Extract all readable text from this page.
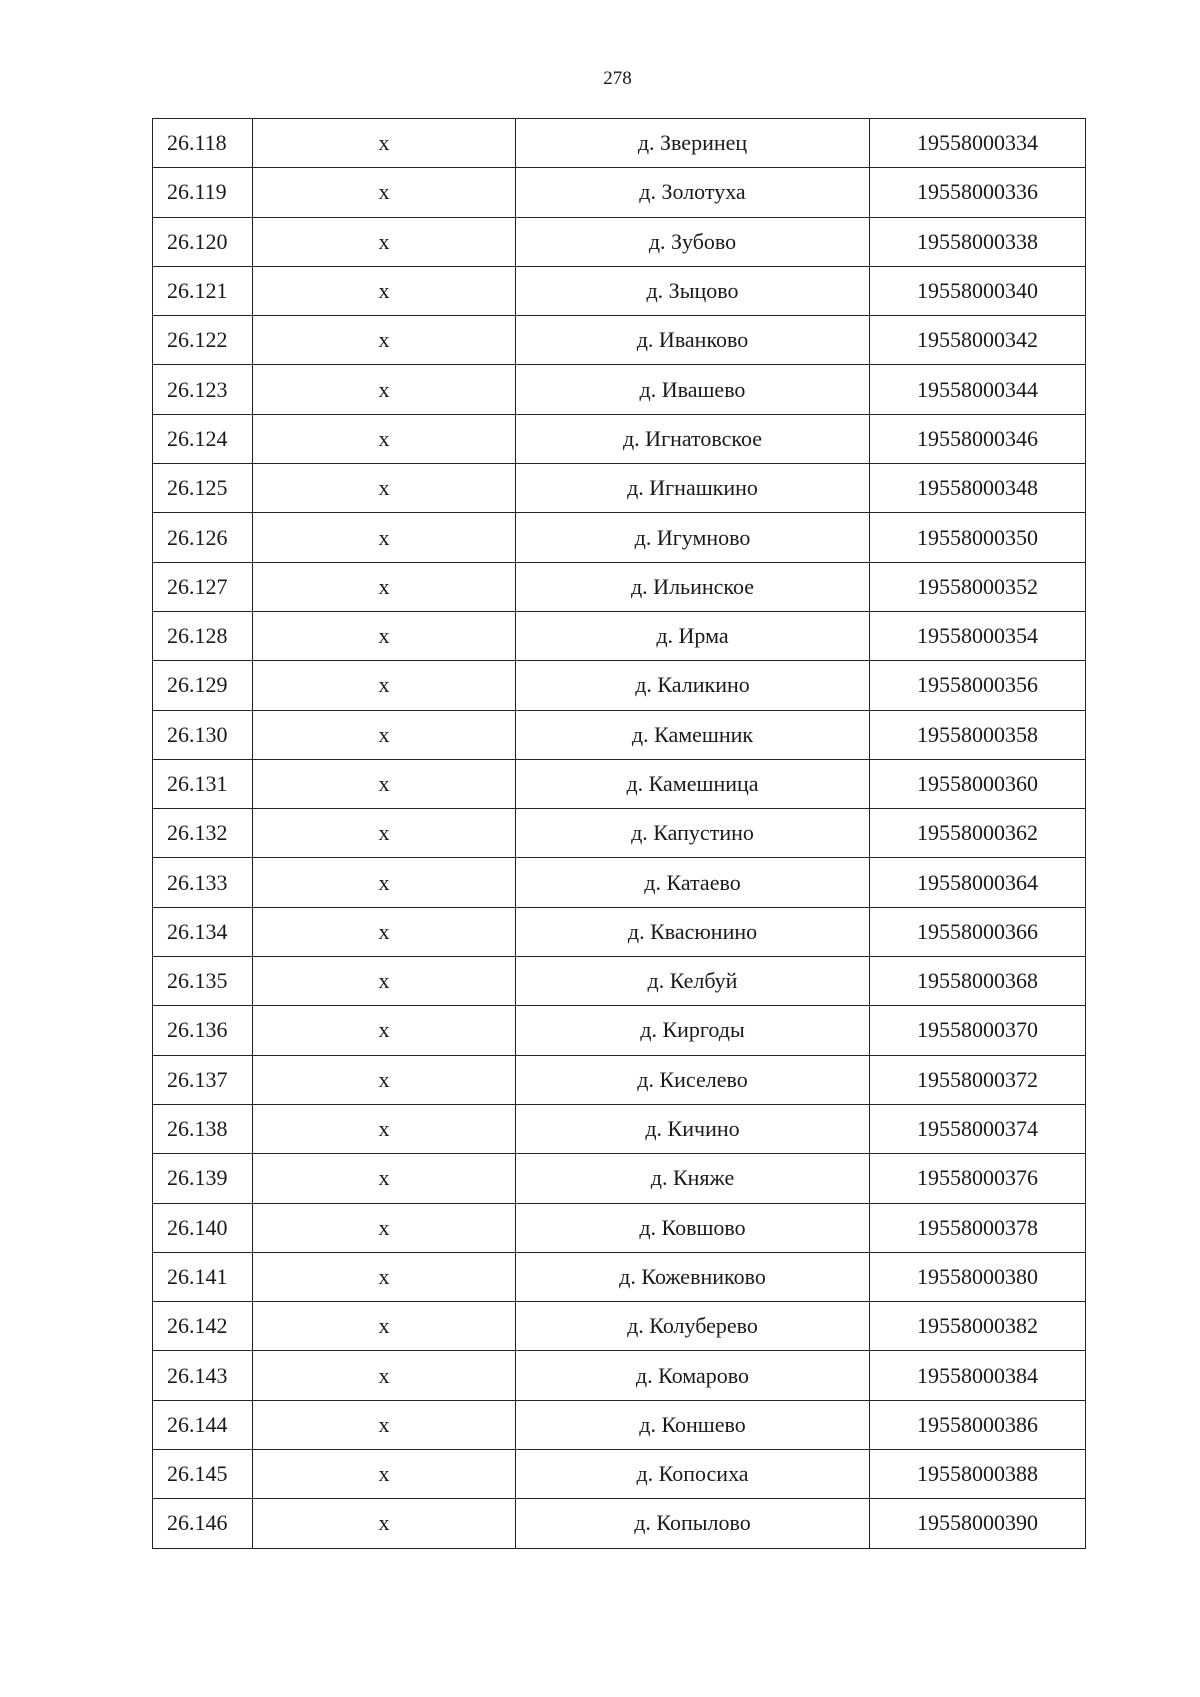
278
26.118	x	д. Зверинец	19558000334
26.119	x	д. Золотуха	19558000336
26.120	x	д. Зубово	19558000338
26.121	x	д. Зыцово	19558000340
26.122	x	д. Иванково	19558000342
26.123	x	д. Ивашево	19558000344
26.124	x	д. Игнатовское	19558000346
26.125	x	д. Игнашкино	19558000348
26.126	x	д. Игумново	19558000350
26.127	x	д. Ильинское	19558000352
26.128	x	д. Ирма	19558000354
26.129	x	д. Каликино	19558000356
26.130	x	д. Камешник	19558000358
26.131	x	д. Камешница	19558000360
26.132	x	д. Капустино	19558000362
26.133	x	д. Катаево	19558000364
26.134	x	д. Квасюнино	19558000366
26.135	x	д. Келбуй	19558000368
26.136	x	д. Киргоды	19558000370
26.137	x	д. Киселево	19558000372
26.138	x	д. Кичино	19558000374
26.139	x	д. Княже	19558000376
26.140	x	д. Ковшово	19558000378
26.141	x	д. Кожевниково	19558000380
26.142	x	д. Колуберево	19558000382
26.143	x	д. Комарово	19558000384
26.144	x	д. Коншево	19558000386
26.145	x	д. Копосиха	19558000388
26.146	x	д. Копылово	19558000390
